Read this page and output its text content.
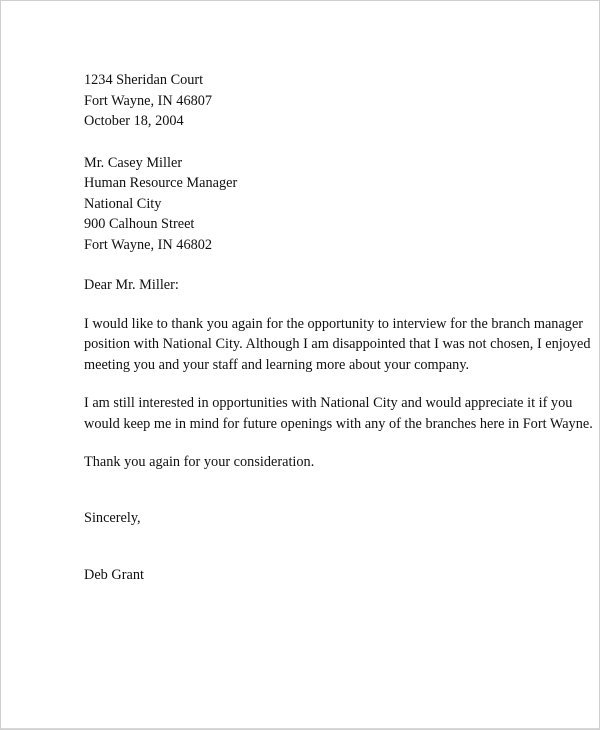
1234 Sheridan Court
Fort Wayne, IN 46807
October 18, 2004
Mr. Casey Miller
Human Resource Manager
National City
900 Calhoun Street
Fort Wayne, IN 46802
Dear Mr. Miller:
I would like to thank you again for the opportunity to interview for the branch manager
position with National City. Although I am disappointed that I was not chosen, I enjoyed
meeting you and your staff and learning more about your company.
I am still interested in opportunities with National City and would appreciate it if you
would keep me in mind for future openings with any of the branches here in Fort Wayne.
Thank you again for your consideration.
Sincerely,
Deb Grant
